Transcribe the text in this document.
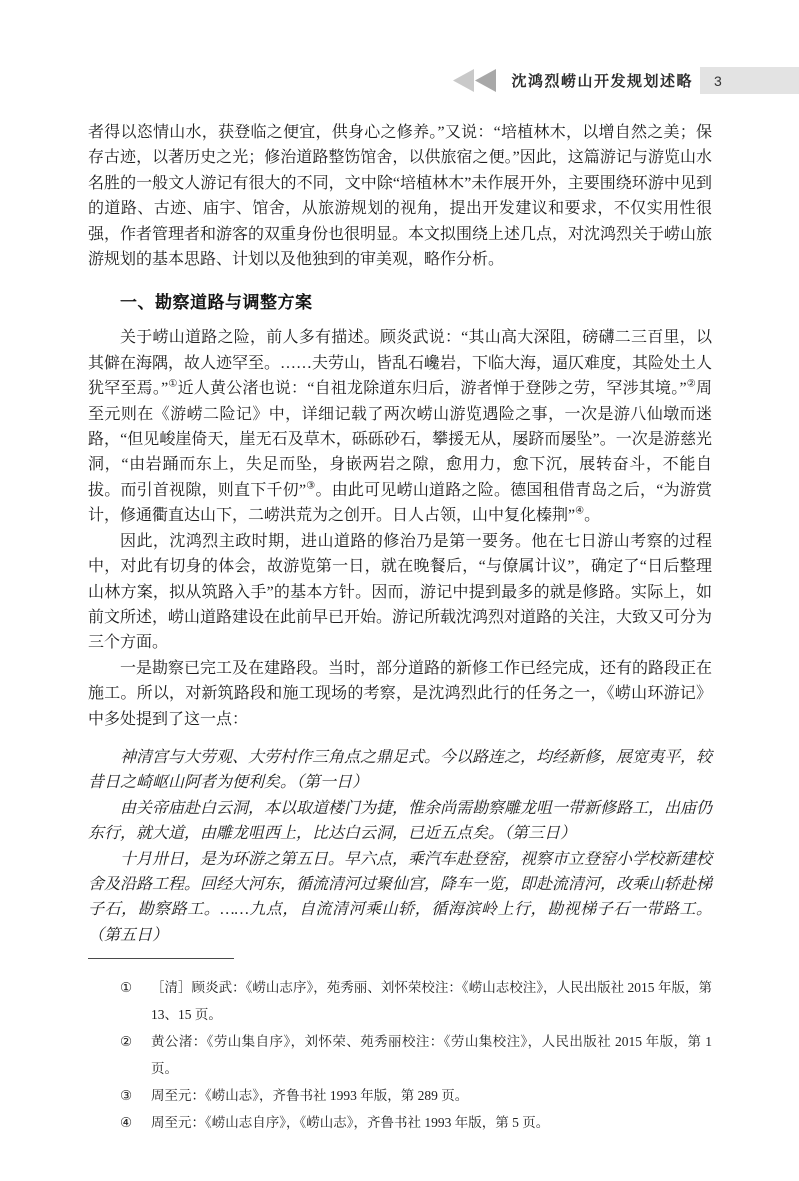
沈鸿烈崂山开发规划述略 3

者得以恣情山水，获登临之便宜，供身心之修养。”又说：“培植林木，以增自然之美；保存古迹，以著历史之光；修治道路整饬馆舍，以供旅宿之便。”因此，这篇游记与游览山水名胜的一般文人游记有很大的不同，文中除“培植林木”未作展开外，主要围绕环游中见到的道路、古迹、庙宇、馆舍，从旅游规划的视角，提出开发建议和要求，不仅实用性很强，作者管理者和游客的双重身份也很明显。本文拟围绕上述几点，对沈鸿烈关于崂山旅游规划的基本思路、计划以及他独到的审美观，略作分析。

一、勘察道路与调整方案

关于崂山道路之险，前人多有描述。顾炎武说：“其山高大深阻，磅礴二三百里，以其僻在海隅，故人迹罕至。……夫劳山，皆乱石巉岩，下临大海，逼仄难度，其险处土人犹罕至焉。”①近人黄公渚也说：“自祖龙除道东归后，游者惮于登陟之劳，罕涉其境。”②周至元则在《游崂二险记》中，详细记载了两次崂山游览遇险之事，一次是游八仙墩而迷路，“但见峻崖倚天，崖无石及草木，砾砾砂石，攀援无从，屡跻而屡坠”。一次是游慈光洞，“由岩踊而东上，失足而坠，身嵌两岩之隙，愈用力，愈下沉，展转奋斗，不能自拔。而引首视隙，则直下千仞”③。由此可见崂山道路之险。德国租借青岛之后，“为游赏计，修通衢直达山下，二崂洪荒为之创开。日人占领，山中复化榛荆”④。

因此，沈鸿烈主政时期，进山道路的修治乃是第一要务。他在七日游山考察的过程中，对此有切身的体会，故游览第一日，就在晚餐后，“与僚属计议”，确定了“日后整理山林方案，拟从筑路入手”的基本方针。因而，游记中提到最多的就是修路。实际上，如前文所述，崂山道路建设在此前早已开始。游记所载沈鸿烈对道路的关注，大致又可分为三个方面。

一是勘察已完工及在建路段。当时，部分道路的新修工作已经完成，还有的路段正在施工。所以，对新筑路段和施工现场的考察，是沈鸿烈此行的任务之一，《崂山环游记》中多处提到了这一点：

神清宫与大劳观、大劳村作三角点之鼎足式。今以路连之，均经新修，展宽夷平，较昔日之崎岖山阿者为便利矣。（第一日）

由关帝庙赴白云洞，本以取道楼门为捷，惟余尚需勘察雕龙咀一带新修路工，出庙仍东行，就大道，由雕龙咀西上，比达白云洞，已近五点矣。（第三日）

十月卅日，是为环游之第五日。早六点，乘汽车赴登窑，视察市立登窑小学校新建校舍及沿路工程。回经大河东，循流清河过聚仙宫，降车一览，即赴流清河，改乘山轿赴梯子石，勘察路工。……九点，自流清河乘山轿，循海滨岭上行，勘视梯子石一带路工。（第五日）

①	［清］顾炎武：《崂山志序》，苑秀丽、刘怀荣校注：《崂山志校注》，人民出版社 2015 年版，第 13、15 页。
②	黄公渚：《劳山集自序》，刘怀荣、苑秀丽校注：《劳山集校注》，人民出版社 2015 年版，第 1 页。
③	周至元：《崂山志》，齐鲁书社 1993 年版，第 289 页。
④	周至元：《崂山志自序》，《崂山志》，齐鲁书社 1993 年版，第 5 页。
